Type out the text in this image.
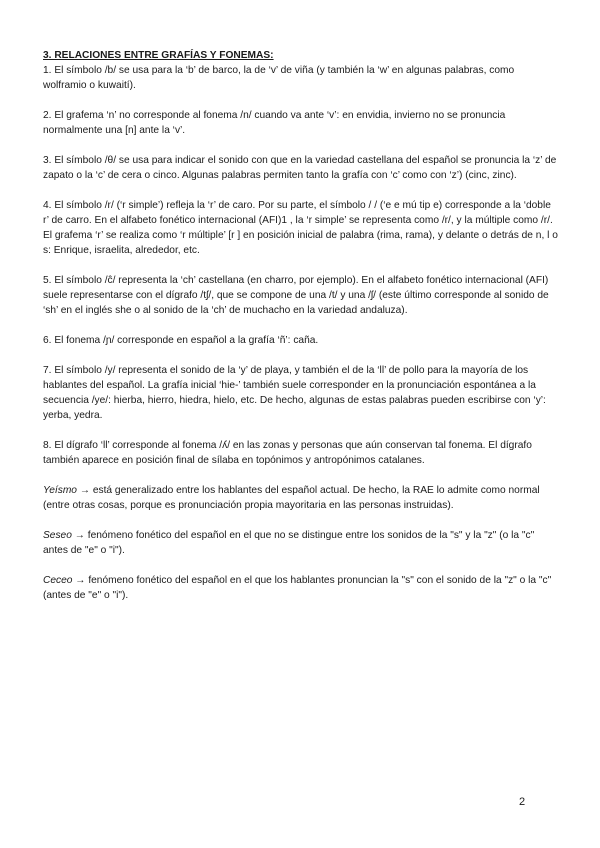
3. RELACIONES ENTRE GRAFÍAS Y FONEMAS:

1. El símbolo /b/ se usa para la ‘b’ de barco, la de ‘v’ de viña (y también la ‘w’ en algunas palabras, como wolframio o kuwaití).

2. El grafema ‘n’ no corresponde al fonema /n/ cuando va ante ‘v’: en envidia, invierno no se pronuncia normalmente una [n] ante la ‘v’.

3. El símbolo /θ/ se usa para indicar el sonido con que en la variedad castellana del español se pronuncia la ‘z’ de zapato o la ‘c’ de cera o cinco. Algunas palabras permiten tanto la grafía con ‘c’ como con ‘z’) (cinc, zinc).

4. El símbolo /r/ (‘r simple’) refleja la ‘r’ de caro. Por su parte, el símbolo / / (‘e e mú tip e) corresponde a la ‘doble r’ de carro. En el alfabeto fonético internacional (AFI)1 , la ‘r simple’ se representa como /r/, y la múltiple como /r/. El grafema ‘r’ se realiza como ‘r múltiple’ [r ] en posición inicial de palabra (rima, rama), y delante o detrás de n, l o s: Enrique, israelita, alrededor, etc.

5. El símbolo /ĉ/ representa la ‘ch’ castellana (en charro, por ejemplo). En el alfabeto fonético internacional (AFI) suele representarse con el dígrafo /tʃ/, que se compone de una /t/ y una /ʃ/ (este último corresponde al sonido de ‘sh’ en el inglés she o al sonido de la ‘ch’ de muchacho en la variedad andaluza).

6. El fonema /ɲ/ corresponde en español a la grafía ‘ñ’: caña.

7. El símbolo /y/ representa el sonido de la ‘y’ de playa, y también el de la ‘ll’ de pollo para la mayoría de los hablantes del español. La grafía inicial ‘hie-’ también suele corresponder en la pronunciación espontánea a la secuencia /ye/: hierba, hierro, hiedra, hielo, etc. De hecho, algunas de estas palabras pueden escribirse con ‘y’: yerba, yedra.

8. El dígrafo ‘ll’ corresponde al fonema /ʎ/ en las zonas y personas que aún conservan tal fonema. El dígrafo también aparece en posición final de sílaba en topónimos y antropónimos catalanes.

Yeísmo → está generalizado entre los hablantes del español actual. De hecho, la RAE lo admite como normal (entre otras cosas, porque es pronunciación propia mayoritaria en las personas instruidas).

Seseo → fenómeno fonético del español en el que no se distingue entre los sonidos de la "s" y la "z" (o la "c" antes de "e" o "i").

Ceceo → fenómeno fonético del español en el que los hablantes pronuncian la "s" con el sonido de la "z" o la "c" (antes de "e" o "i").

2
